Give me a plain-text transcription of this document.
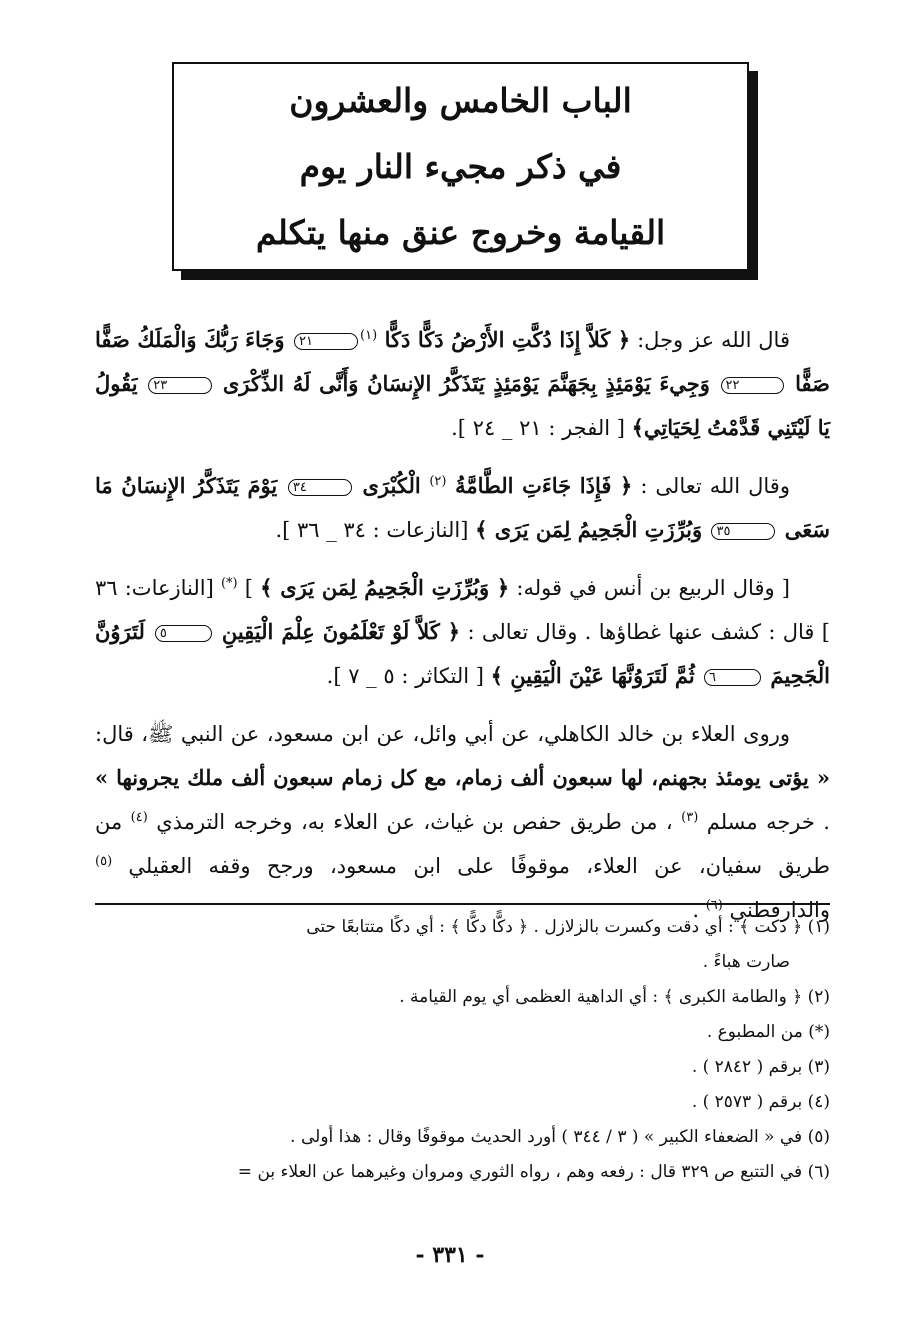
الباب الخامس والعشرون
في ذكر مجيء النار يوم
القيامة وخروج عنق منها يتكلم

قال الله عز وجل: ﴿ كَلاَّ إِذَا دُكَّتِ الأَرْضُ دَكًّا دَكًّا $^{(١)}$٢١ وَجَاءَ رَبُّكَ وَالْمَلَكُ صَفًّا صَفًّا ٢٢ وَجِيءَ يَوْمَئِذٍ بِجَهَنَّمَ يَوْمَئِذٍ يَتَذَكَّرُ الإِنسَانُ وَأَنَّى لَهُ الذِّكْرَى ٢٣ يَقُولُ يَا لَيْتَنِي قَدَّمْتُ لِحَيَاتِي﴾ [ الفجر : ٢١ _ ٢٤ ].

وقال الله تعالى : ﴿ فَإِذَا جَاءَتِ الطَّامَّةُ $^{(٢)}$ الْكُبْرَى ٣٤ يَوْمَ يَتَذَكَّرُ الإِنسَانُ مَا سَعَى ٣٥ وَبُرِّزَتِ الْجَحِيمُ لِمَن يَرَى ﴾ [النازعات : ٣٤ _ ٣٦ ].

[ وقال الربيع بن أنس في قوله: ﴿ وَبُرِّزَتِ الْجَحِيمُ لِمَن يَرَى ﴾ ] (*) [النازعات: ٣٦ ] قال : كشف عنها غطاؤها . وقال تعالى : ﴿ كَلاَّ لَوْ تَعْلَمُونَ عِلْمَ الْيَقِينِ ٥ لَتَرَوُنَّ الْجَحِيمَ ٦ ثُمَّ لَتَرَوُنَّهَا عَيْنَ الْيَقِينِ ﴾ [ التكاثر : ٥ _ ٧ ].

وروى العلاء بن خالد الكاهلي، عن أبي وائل، عن ابن مسعود، عن النبي ﷺ، قال: « يؤتى يومئذ بجهنم، لها سبعون ألف زمام، مع كل زمام سبعون ألف ملك يجرونها » . خرجه مسلم $^{(٣)}$ ، من طريق حفص بن غياث، عن العلاء به، وخرجه الترمذي $^{(٤)}$ من طريق سفيان، عن العلاء، موقوفًا على ابن مسعود، ورجح وقفه العقيلي $^{(٥)}$ والدارقطني $^{(٦)}$ .

(١) ﴿ دكت ﴾ : أي دقت وكسرت بالزلازل . ﴿ دكًّا دكًّا ﴾ : أي دكًا متتابعًا حتى

صارت هباءً .

(٢) ﴿ والطامة الكبرى ﴾ : أي الداهية العظمى أي يوم القيامة .

(*) من المطبوع .

(٣) برقم ( ٢٨٤٢ ) .

(٤) برقم ( ٢٥٧٣ ) .

(٥) في « الضعفاء الكبير » ( ٣ / ٣٤٤ ) أورد الحديث موقوفًا وقال : هذا أولى .

(٦) في التتبع ص ٣٢٩ قال : رفعه وهم ، رواه الثوري ومروان وغيرهما عن العلاء بن =

- ٣٣١ -
